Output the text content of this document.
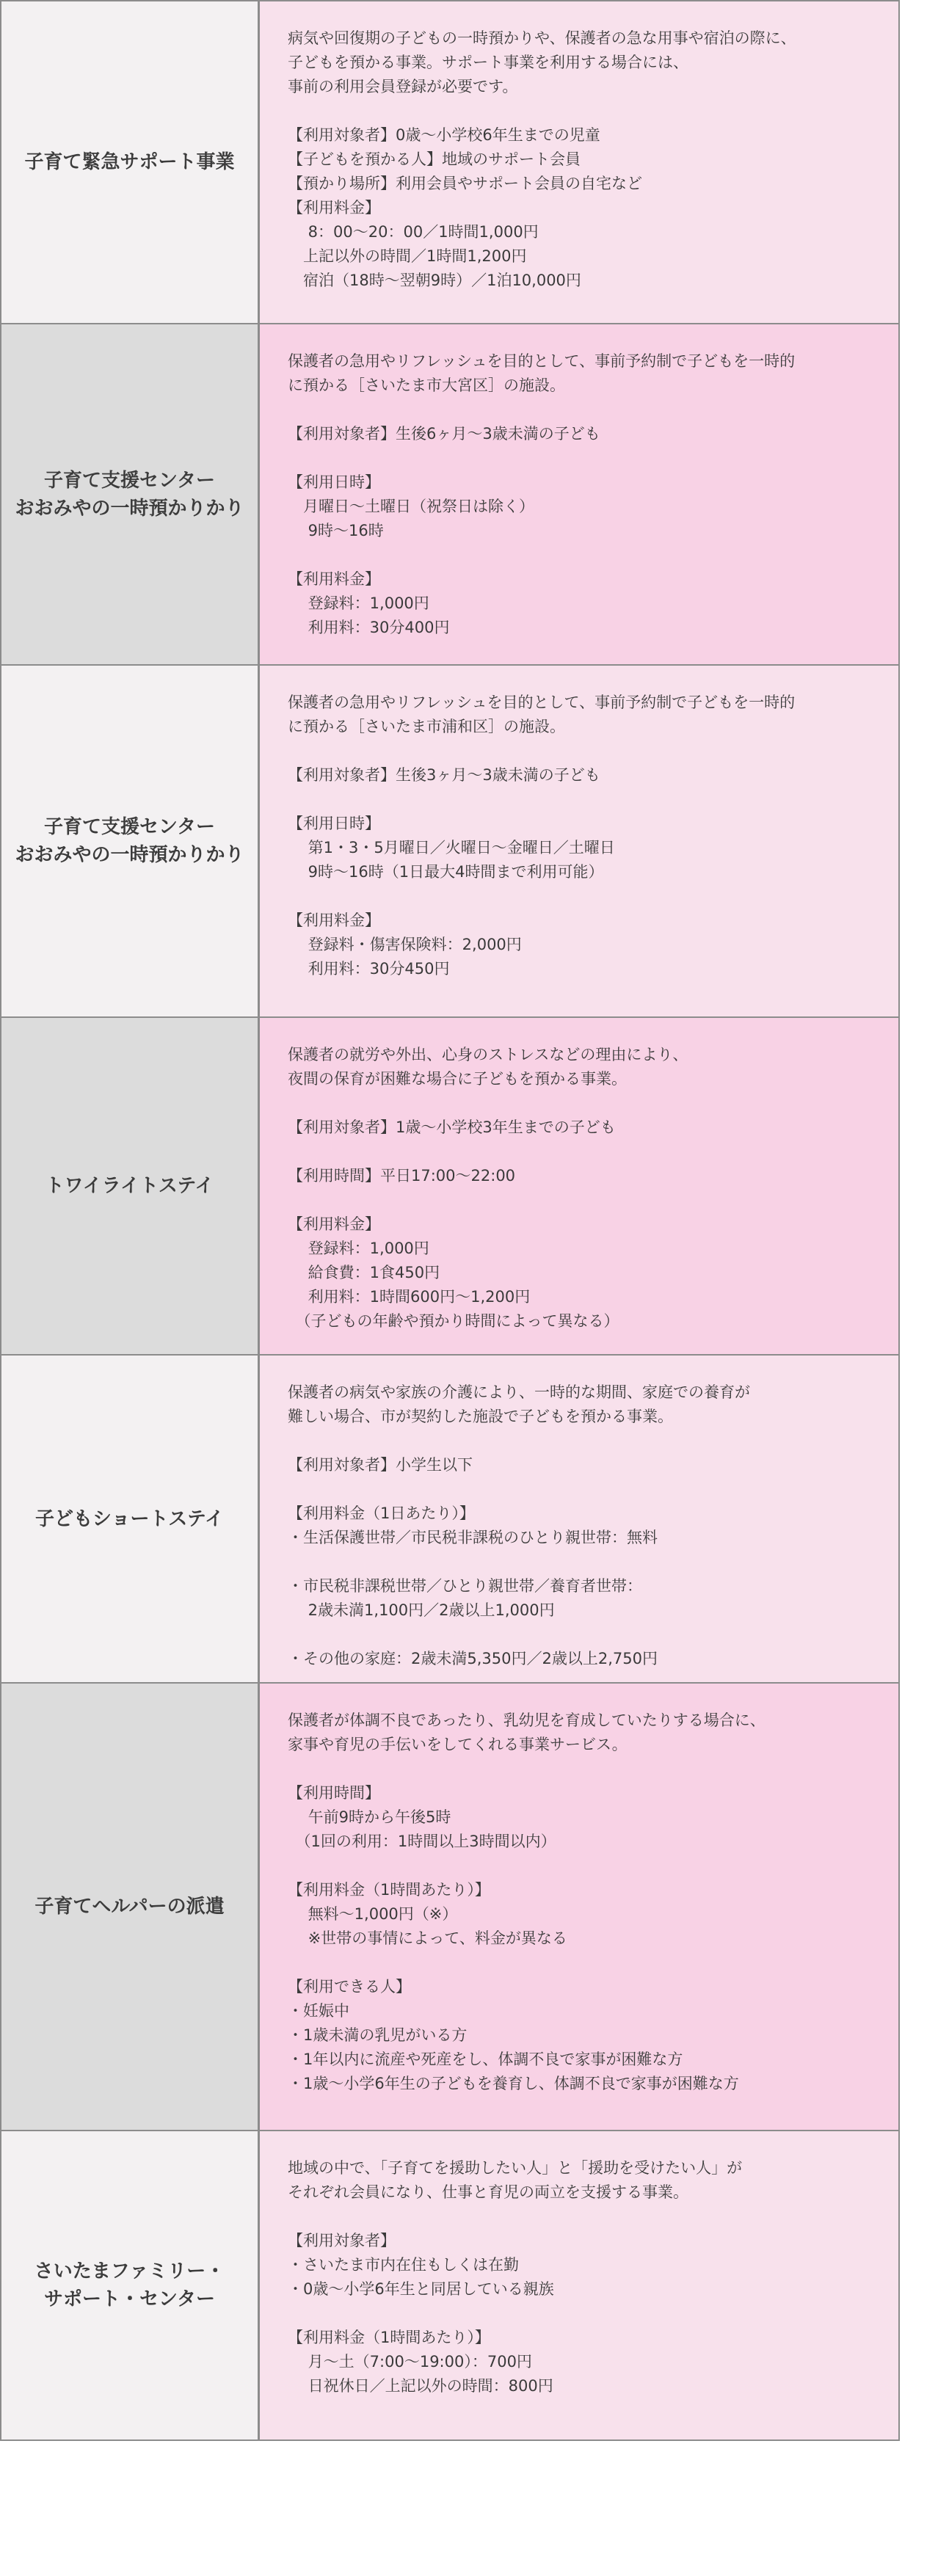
子育て緊急サポート事業
病気や回復期の子どもの一時預かりや、保護者の急な用事や宿泊の際に、
子どもを預かる事業。サポート事業を利用する場合には、
事前の利用会員登録が必要です。

【利用対象者】0歳～小学校6年生までの児童
【子どもを預かる人】地域のサポート会員
【預かり場所】利用会員やサポート会員の自宅など
【利用料金】
　 8：00～20：00／1時間1,000円
　上記以外の時間／1時間1,200円
　宿泊（18時～翌朝9時）／1泊10,000円
子育て支援センター
おおみやの一時預かりかり
保護者の急用やリフレッシュを目的として、事前予約制で子どもを一時的
に預かる［さいたま市大宮区］の施設。

【利用対象者】生後6ヶ月～3歳未満の子ども

【利用日時】
　月曜日～土曜日（祝祭日は除く）
　 9時～16時

【利用料金】
　 登録料：1,000円
　 利用料：30分400円
子育て支援センター
おおみやの一時預かりかり
保護者の急用やリフレッシュを目的として、事前予約制で子どもを一時的
に預かる［さいたま市浦和区］の施設。

【利用対象者】生後3ヶ月～3歳未満の子ども

【利用日時】
　 第1・3・5月曜日／火曜日～金曜日／土曜日
　 9時～16時（1日最大4時間まで利用可能）

【利用料金】
　 登録料・傷害保険料：2,000円
　 利用料：30分450円
トワイライトステイ
保護者の就労や外出、心身のストレスなどの理由により、
夜間の保育が困難な場合に子どもを預かる事業。

【利用対象者】1歳～小学校3年生までの子ども

【利用時間】平日17:00～22:00

【利用料金】
　 登録料：1,000円
　 給食費：1食450円
　 利用料：1時間600円～1,200円
　（子どもの年齢や預かり時間によって異なる）
子どもショートステイ
保護者の病気や家族の介護により、一時的な期間、家庭での養育が
難しい場合、市が契約した施設で子どもを預かる事業。

【利用対象者】小学生以下

【利用料金（1日あたり）】
・生活保護世帯／市民税非課税のひとり親世帯：無料

・市民税非課税世帯／ひとり親世帯／養育者世帯：
　 2歳未満1,100円／2歳以上1,000円

・その他の家庭：2歳未満5,350円／2歳以上2,750円
子育てヘルパーの派遣
保護者が体調不良であったり、乳幼児を育成していたりする場合に、
家事や育児の手伝いをしてくれる事業サービス。

【利用時間】
　 午前9時から午後5時
　（1回の利用：1時間以上3時間以内）

【利用料金（1時間あたり）】
　 無料～1,000円（※）
　 ※世帯の事情によって、料金が異なる

【利用できる人】
・妊娠中
・1歳未満の乳児がいる方
・1年以内に流産や死産をし、体調不良で家事が困難な方
・1歳～小学6年生の子どもを養育し、体調不良で家事が困難な方
さいたまファミリー・
サポート・センター
地域の中で、「子育てを援助したい人」と「援助を受けたい人」が
それぞれ会員になり、仕事と育児の両立を支援する事業。

【利用対象者】
・さいたま市内在住もしくは在勤
・0歳～小学6年生と同居している親族

【利用料金（1時間あたり）】
　 月～土（7:00～19:00）：700円
　 日祝休日／上記以外の時間：800円
